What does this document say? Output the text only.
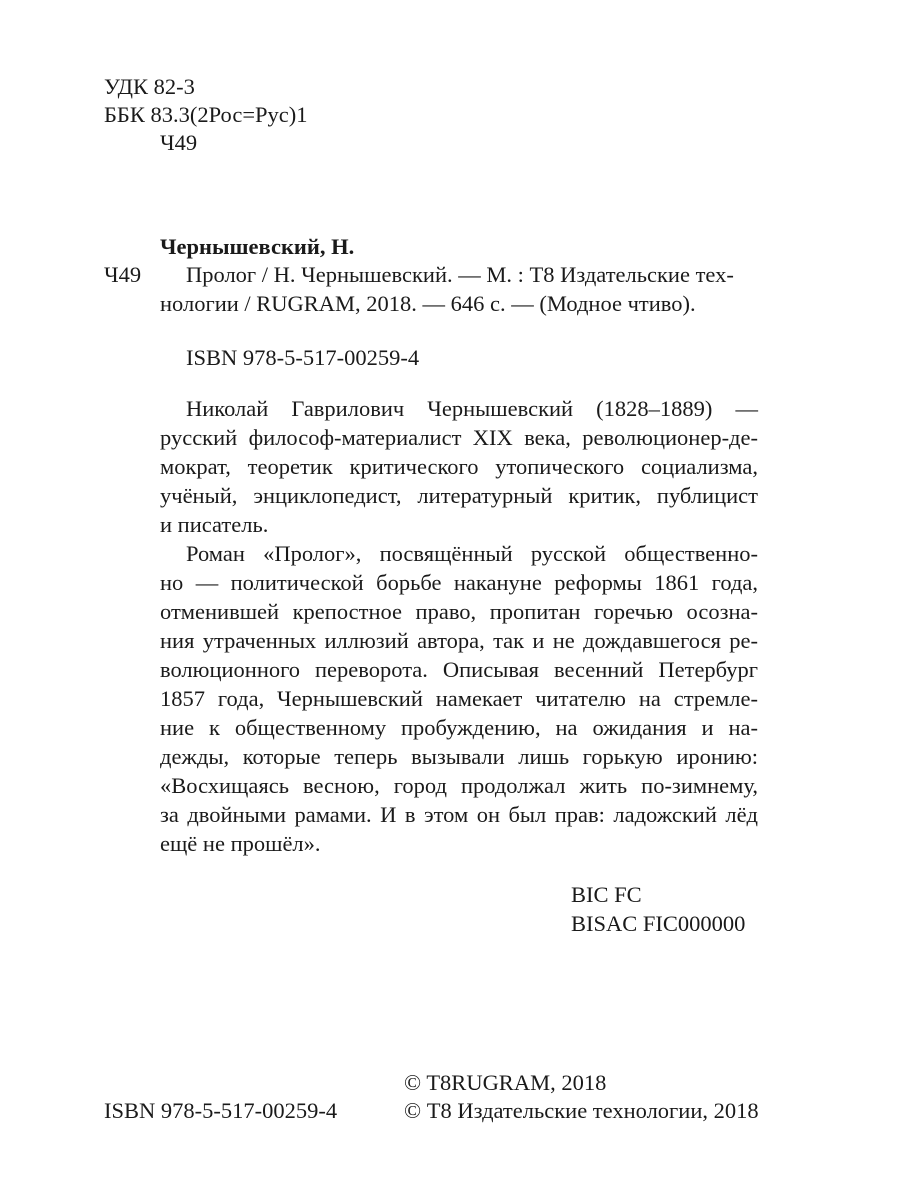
УДК 82-3
ББК 83.3(2Рос=Рус)1
Ч49
Чернышевский, Н.
Ч49 Пролог / Н. Чернышевский. — М. : Т8 Издательские тех-
нологии / RUGRAM, 2018. — 646 с. — (Модное чтиво).
ISBN 978-5-517-00259-4
Николай Гаврилович Чернышевский (1828–1889) —
русский философ-материалист XIX века, революционер-де-
мократ, теоретик критического утопического социализма,
учёный, энциклопедист, литературный критик, публицист
и писатель.
Роман «Пролог», посвящённый русской общественно-
но — политической борьбе накануне реформы 1861 года,
отменившей крепостное право, пропитан горечью осозна-
ния утраченных иллюзий автора, так и не дождавшегося ре-
волюционного переворота. Описывая весенний Петербург
1857 года, Чернышевский намекает читателю на стремле-
ние к общественному пробуждению, на ожидания и на-
дежды, которые теперь вызывали лишь горькую иронию:
«Восхищаясь весною, город продолжал жить по-зимнему,
за двойными рамами. И в этом он был прав: ладожский лёд
ещё не прошёл».
BIC FC
BISAC FIC000000
© T8RUGRAM, 2018
ISBN 978-5-517-00259-4	© Т8 Издательские технологии, 2018
